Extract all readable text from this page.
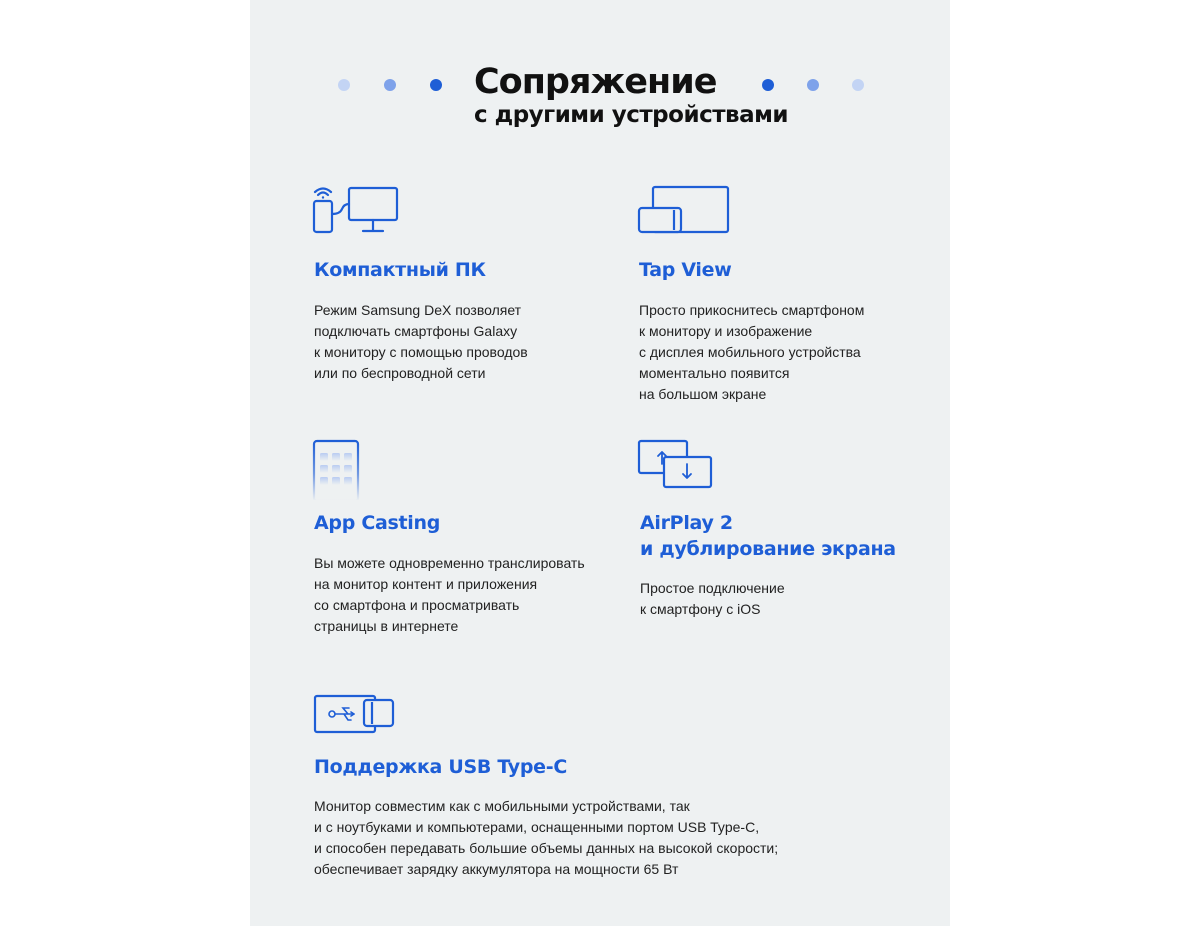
Сопряжение
с другими устройствами
Компактный ПК
Режим Samsung DeX позволяет
подключать смартфоны Galaxy
к монитору с помощью проводов
или по беспроводной сети
Tap View
Просто прикоснитесь смартфоном
к монитору и изображение
с дисплея мобильного устройства
моментально появится
на большом экране
App Casting
Вы можете одновременно транслировать
на монитор контент и приложения
со смартфона и просматривать
страницы в интернете
AirPlay 2
и дублирование экрана
Простое подключение
к смартфону с iOS
Поддержка USB Type-C
Монитор совместим как с мобильными устройствами, так
и с ноутбуками и компьютерами, оснащенными портом USB Type-C,
и способен передавать большие объемы данных на высокой скорости;
обеспечивает зарядку аккумулятора на мощности 65 Вт
